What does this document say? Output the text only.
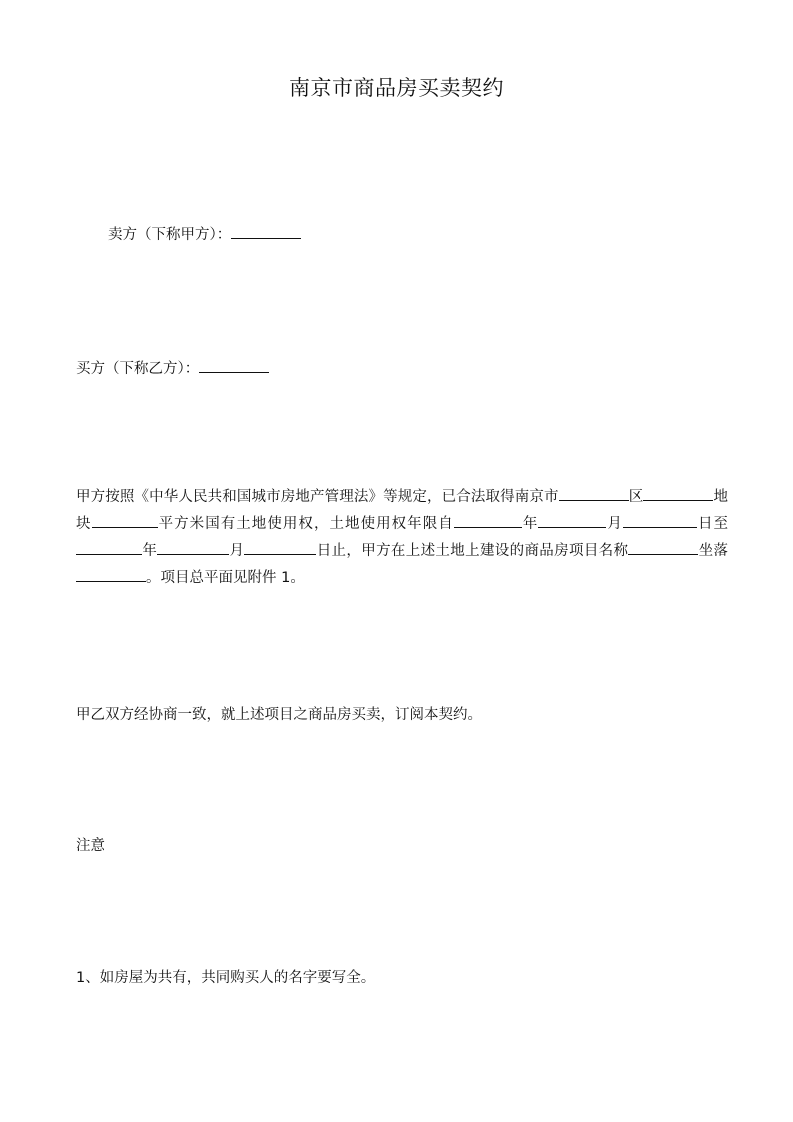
南京市商品房买卖契约
卖方（下称甲方）：
买方（下称乙方）：
甲方按照《中华人民共和国城市房地产管理法》等规定，已合法取得南京市	区	地块	平方米国有土地使用权，土地使用权年限自	年	月	日至年	月	日止，甲方在上述土地上建设的商品房项目名称	坐落。项目总平面见附件 1。
甲乙双方经协商一致，就上述项目之商品房买卖，订阅本契约。
注意
1、如房屋为共有，共同购买人的名字要写全。
